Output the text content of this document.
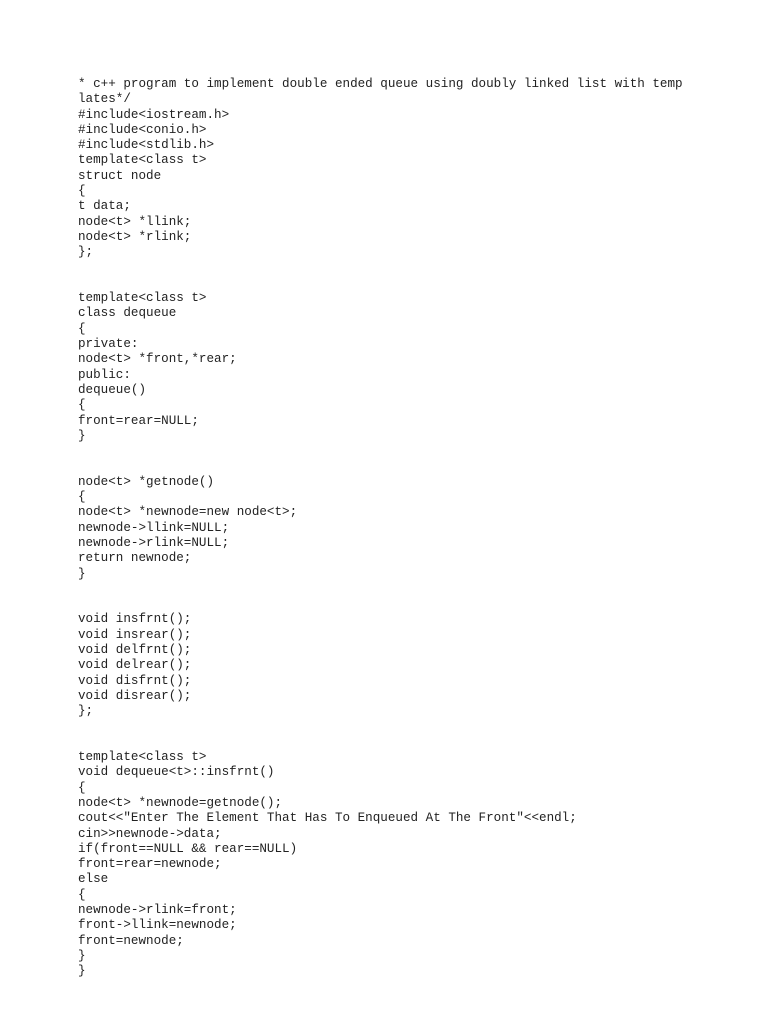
* c++ program to implement double ended queue using doubly linked list with temp
lates*/
#include<iostream.h>
#include<conio.h>
#include<stdlib.h>
template<class t>
struct node
{
t data;
node<t> *llink;
node<t> *rlink;
};
template<class t>
class dequeue
{
private:
node<t> *front,*rear;
public:
dequeue()
{
front=rear=NULL;
}
node<t> *getnode()
{
node<t> *newnode=new node<t>;
newnode->llink=NULL;
newnode->rlink=NULL;
return newnode;
}
void insfrnt();
void insrear();
void delfrnt();
void delrear();
void disfrnt();
void disrear();
};
template<class t>
void dequeue<t>::insfrnt()
{
node<t> *newnode=getnode();
cout<<"Enter The Element That Has To Enqueued At The Front"<<endl;
cin>>newnode->data;
if(front==NULL && rear==NULL)
front=rear=newnode;
else
{
newnode->rlink=front;
front->llink=newnode;
front=newnode;
}
}
